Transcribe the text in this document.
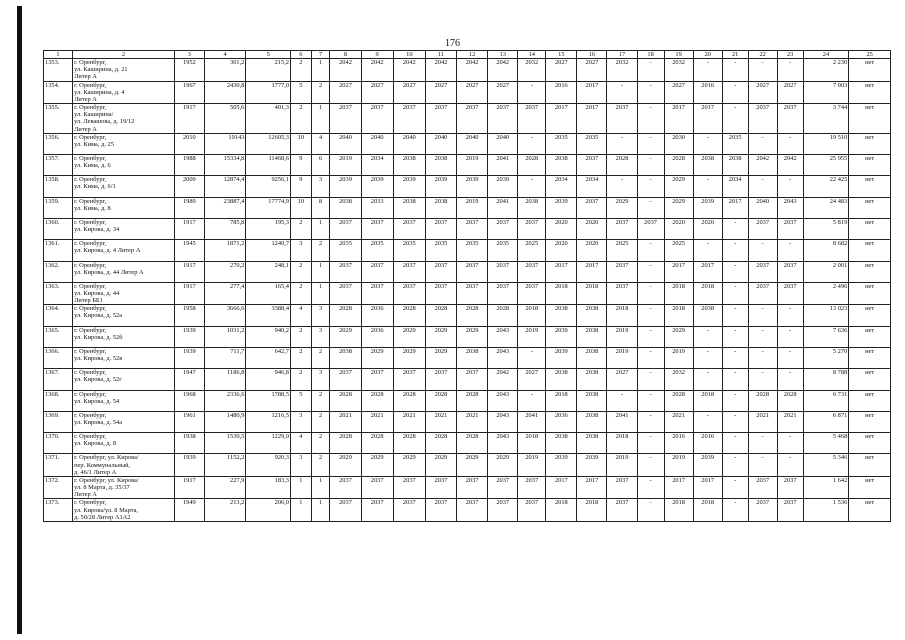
176
1	2	3	4	5	6	7	8	9	10	11	12	13	14	15	16	17	18	19	20	21	22	23	24	25
1353.	г. Оренбург,
ул. Каширина, д. 21
Литер А	1952	301,2	215,2	2	1	2042	2042	2042	2042	2042	2042	2032	2027	2027	2032	-	2032	-	-	-	-	2 230	нет
1354.	г. Оренбург,
ул. Каширина, д. 4
Литер А	1967	2430,8	1777,0	5	2	2027	2027	2027	2027	2027	2027	-	2016	2017	-	-	2027	2016	-	2027	2027	7 003	нет
1355.	г. Оренбург,
ул. Каширина/
ул. Левашова, д. 19/12
Литер А	1917	505,6	401,3	2	1	2037	2037	2037	2037	2037	2037	2037	2017	2017	2037	-	2017	2017	-	2037	2037	3 744	нет
1356.	г. Оренбург,
ул. Кима, д. 25	2010	19143	12605,3	10	4	2040	2040	2040	2040	2040	2040	-	2035	2035	-	-	2030	-	2035	-	-	19 510	нет
1357.	г. Оренбург,
ул. Кима, д. 6	1988	15334,8	11468,6	9	6	2019	2034	2038	2038	2019	2041	2028	2038	2037	2028	-	2028	2038	2038	2042	2042	25 955	нет
1358.	г. Оренбург,
ул. Кима, д. 6/1	2009	12874,4	9256,1	9	3	2039	2039	2039	2039	2039	2039	-	2034	2034	-	-	2029	-	2034	-	-	22 425	нет
1359.	г. Оренбург,
ул. Кима, д. 8	1989	23887,4	17774,9	10	8	2038	2033	2038	2038	2019	2041	2038	2039	2037	2029	-	2029	2039	2017	2040	2043	24 483	нет
1360.	г. Оренбург,
ул. Кирова, д. 34	1917	785,8	195,3	2	1	2037	2037	2037	2037	2037	2037	2037	2020	2020	2037	2037	2020	2020	-	2037	2037	5 819	нет
1361.	г. Оренбург,
ул. Кирова, д. 4 Литер А	1945	1871,2	1249,7	3	2	2035	2035	2035	2035	2035	2035	2025	2020	2020	2025	-	2025	-	-	-	-	8 682	нет
1362.	г. Оренбург,
ул. Кирова, д. 44 Литер А	1917	270,2	248,1	2	1	2037	2037	2037	2037	2037	2037	2037	2017	2017	2037	-	2017	2017	-	2037	2037	2 001	нет
1363.	г. Оренбург,
ул. Кирова, д. 44
Литер ББ1	1917	277,4	165,4	2	1	2037	2037	2037	2037	2037	2037	2037	2018	2018	2037	-	2018	2018	-	2037	2037	2 496	нет
1364.	г. Оренбург,
ул. Кирова, д. 52а	1958	3666,6	3388,4	4	3	2028	2036	2028	2028	2028	2028	2018	2038	2038	2018	-	2018	2038	-	-	-	13 023	нет
1365.	г. Оренбург,
ул. Кирова, д. 52б	1939	1031,2	940,2	2	3	2029	2036	2029	2029	2029	2043	2019	2039	2038	2019	-	2029	-	-	-	-	7 636	нет
1366.	г. Оренбург,
ул. Кирова, д. 52в	1939	711,7	642,7	2	2	2038	2029	2029	2029	2038	2043	-	2039	2038	2019	-	2019	-	-	-	-	5 270	нет
1367.	г. Оренбург,
ул. Кирова, д. 52г	1947	1186,8	946,8	2	3	2037	2037	2037	2037	2037	2042	2027	2038	2038	2027	-	2032	-	-	-	-	8 788	нет
1368.	г. Оренбург,
ул. Кирова, д. 54	1968	2336,6	1788,5	5	2	2028	2028	2028	2028	2028	2043	-	2018	2038	-	-	2028	2018	-	2028	2028	6 731	нет
1369.	г. Оренбург,
ул. Кирова, д. 54а	1961	1480,9	1216,5	3	2	2021	2021	2021	2021	2021	2043	2041	2036	2038	2041	-	2021	-	-	2021	2021	6 871	нет
1370.	г. Оренбург,
ул. Кирова, д. 8	1938	1539,5	1229,0	4	2	2028	2028	2028	2028	2028	2043	2018	2038	2038	2018	-	2016	2016	-	-	-	5 468	нет
1371.	г. Оренбург, ул. Кирова/
пер. Коммунальный,
д. 46/1 Литер А	1939	1152,2	920,3	3	2	2029	2029	2029	2029	2029	2029	2019	2039	2039	2019	-	2019	2039	-	-	-	5 346	нет
1372.	г. Оренбург, ул. Кирова/
ул. 8 Марта, д. 35/37
Литер А	1917	227,9	183,3	1	1	2037	2037	2037	2037	2037	2037	2037	2017	2017	2037	-	2017	2017	-	2037	2037	1 642	нет
1373.	г. Оренбург,
ул. Кирова/ул. 8 Марта,
д. 50/28 Литер А1А2	1949	213,2	206,0	1	1	2037	2037	2037	2037	2037	2037	2037	2018	2018	2037	-	2018	2018	-	2037	2037	1 536	нет
